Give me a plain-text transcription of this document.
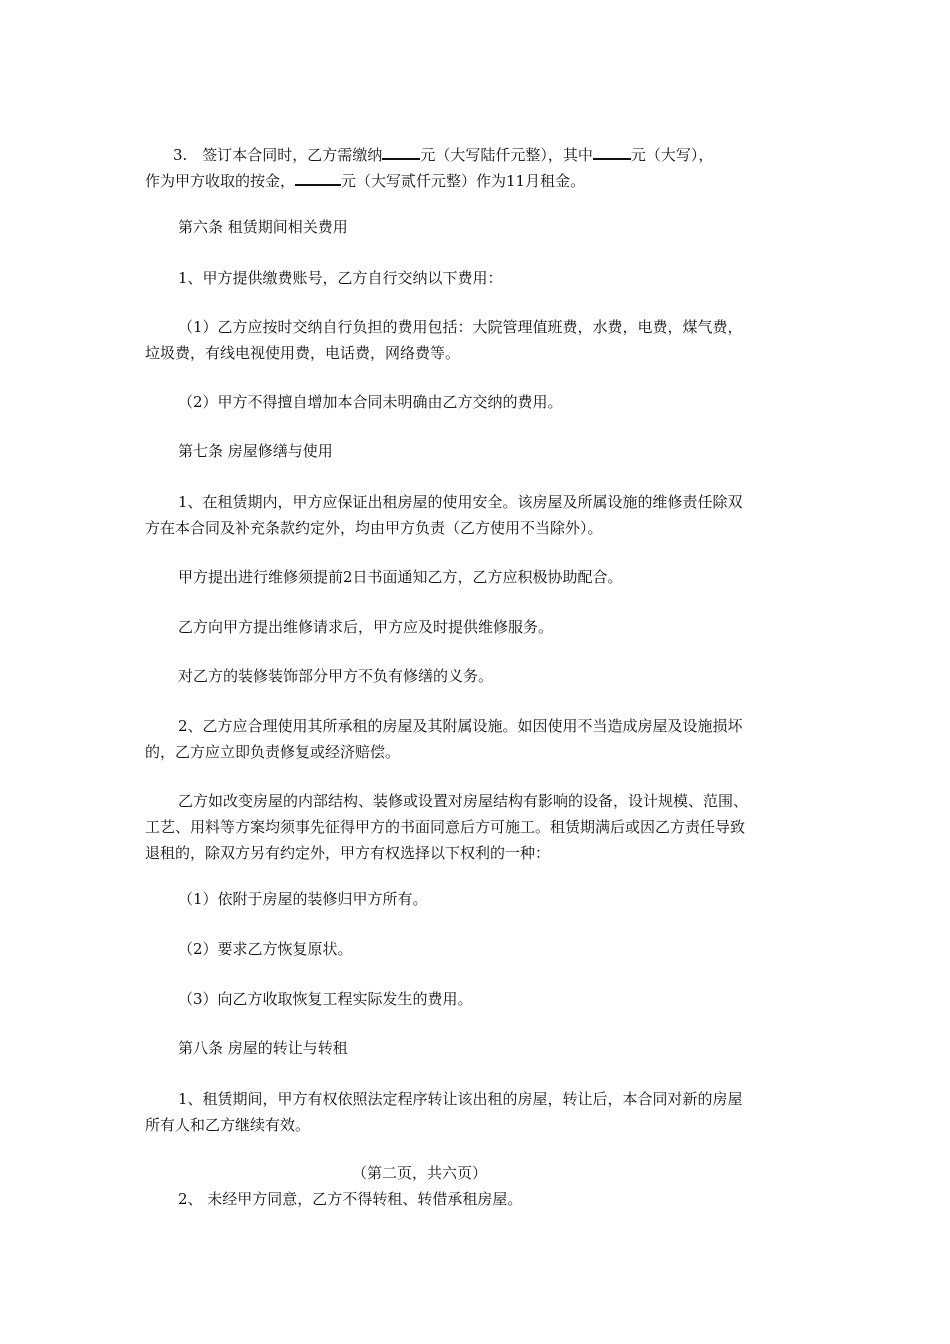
3.　签订本合同时，乙方需缴纳	元（大写陆仟元整），其中	元（大写），
作为甲方收取的按金，	元（大写贰仟元整）作为11月租金。

第六条 租赁期间相关费用

1、甲方提供缴费账号，乙方自行交纳以下费用：

（1）乙方应按时交纳自行负担的费用包括：大院管理值班费，水费，电费，煤气费，
垃圾费，有线电视使用费，电话费，网络费等。

（2）甲方不得擅自增加本合同未明确由乙方交纳的费用。

第七条 房屋修缮与使用

1、在租赁期内，甲方应保证出租房屋的使用安全。该房屋及所属设施的维修责任除双
方在本合同及补充条款约定外，均由甲方负责（乙方使用不当除外）。

甲方提出进行维修须提前2日书面通知乙方，乙方应积极协助配合。

乙方向甲方提出维修请求后，甲方应及时提供维修服务。

对乙方的装修装饰部分甲方不负有修缮的义务。

2、乙方应合理使用其所承租的房屋及其附属设施。如因使用不当造成房屋及设施损坏
的，乙方应立即负责修复或经济赔偿。

乙方如改变房屋的内部结构、装修或设置对房屋结构有影响的设备，设计规模、范围、
工艺、用料等方案均须事先征得甲方的书面同意后方可施工。租赁期满后或因乙方责任导致
退租的，除双方另有约定外，甲方有权选择以下权利的一种：

（1）依附于房屋的装修归甲方所有。

（2）要求乙方恢复原状。

（3）向乙方收取恢复工程实际发生的费用。

第八条 房屋的转让与转租

1、租赁期间，甲方有权依照法定程序转让该出租的房屋，转让后，本合同对新的房屋
所有人和乙方继续有效。

（第二页，共六页）

2、 未经甲方同意，乙方不得转租、转借承租房屋。
